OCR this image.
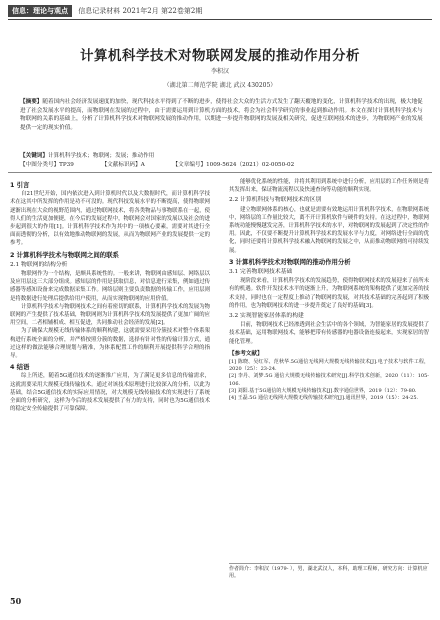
信息：理论与观点 信息记录材料 2021年2月 第22卷第2期
计算机科学技术对物联网发展的推动作用分析
李积汉
（湖北第二师范学院 湖北 武汉 430205）
【摘要】随着国内社会经济发展速度的加快，现代科技水平得到了不断的进步，使得社会大众的生活方式发生了翻天覆地的变化，计算机科学技术的出现，极大地促进了社会发展水平的提高，而物联网在发展的过程中，由于需要运用到计算机方面的技术，将会为社会科学研究的事业起到推动作用。本文在探讨计算机科学技术与物联网的关系的基础上，分析了计算机科学技术对物联网发展的推动作用，以期进一步提升物联网的发展及相关研究，促进互联网技术的进步，为物联网产业的发展提供一定的现实价值。
【关键词】计算机科学技术；物联网；发展；推动作用
【中图分类号】TP39	【文献标识码】A	【文章编号】1009-5624（2021）02-0050-02
1 引言

自21世纪开始，国内依次进入到计算机时代以及大数据时代，而计算机科学技术在这其中所发挥的作用是功不可没的。现代科技发展水平的不断提高，使得物联网逐渐出现在大众的视野范围内，通过物联网技术，将各类物品与事物联系在一起，使得人们的生活更加便捷，在今后的发展过程中，物联网会对国家的发展以及社会的进步起到很大的作用[1]。计算机科学技术作为其中的一项核心要素，需要对其进行全面而透彻的分析，以有效地推动物联网的发展，从而为物联网产业的发展提供一定的参考。

2 计算机科学技术与物联网之间的联系
2.1 物联网的结构分析

物联网作为一个结构，是颇具系统性的。一般来讲，物联网由感知层、网络层以及应用层这三大部分组成。感知层的作用是获取信息，对信息进行采集，例如通过传感器等感知设备来完成数据采集工作。网络层则主要负责数据的传输工作，应用层则是将数据进行处理后提供给用户使用，从而实现物联网的应用价值。

计算机科学技术与物联网技术之间有着密切的联系，计算机科学技术的发展为物联网的产生提供了技术基础，物联网则为计算机科学技术的发展提供了更加广阔的应用空间，二者相辅相成、相互促进，共同推动社会经济的发展[2]。

为了确保大规模无线传输体系的顺利构建，这就需要采用分簇技术对整个体系架构进行系统全面的分析，并严格按照分簇的数据，选择有针对性的传输计算方式，通过这样的做法能够合理规划与精准，为体系配置工作的顺利开展提供科学合理的指导。

4 结语

综上所述，随着5G通信技术的逐渐推广应用，为了满足更多信息的传输需求，这就需要采用大规模无线传输技术。通过对该技术原理进行比较深入的分析，以此为基础，结合5G通信技术的实际应用情况，对大规模无线传输技术的实现进行了系统全面的分析研究，这样为今后的技术发展提供了有力的支持，同时也为5G通信技术的稳定安全传输提供了可靠保障。

能够优化系统的性能，并将其利用到系统中进行分析，应用层的工作任务则是将其发挥出来，保证物流流程以及快速查询等功能的顺利实现。

2.2 计算机科技与物联网技术的区别

建立物联网体系的核心，也就是需要有效地运用计算机科学技术，在物联网系统中，网络层的工作量比较大，离不开计算机软件与硬件的支持。在这过程中，物联网系统功能慢慢越发完善，计算机科学技术的水平，对物联网的发展起到了决定性的作用。因此，不仅要不断提升计算机科学技术的发展水平与力度，对网络进行全面的优化，同时还要将计算机科学技术融入物联网的发展之中，从而推动物联网的可持续发展。

3 计算机科学技术对物联网的推动作用分析
3.1 完善物联网技术基础

现阶段来看，计算机科学技术的发展趋势，使得物联网技术的发展迎来了前所未有的机遇。软件开发技术水平的逐渐上升，为物联网系统的架构提供了更加完善的技术支持，同时也在一定程度上推动了物联网的发展，对其技术基础的完善起到了积极的作用，也为物联网技术的进一步提升奠定了良好的基础[3]。

3.2 实现智能家居体系的构建

目前，物联网技术已经渗透到社会生活中的各个领域，为智能家居的发展提供了技术基础，运用物联网技术，能够把带有传感器的电器设备连接起来，实现家居的智能化管理。

【参考文献】

[1] 陈晓、吴红军、范秋华.5G通信无线网大规模无线传输技术[J].电子技术与软件工程，2020（25）：23-24.

[2] 李丹、刘梦.5G 通信大规模无线传输技术研究[J].科学技术创新，2020（11）：105-106.

[3] 刘阳.基于5G通信的大规模无线传输技术[J].数字通信世界，2019（12）：79-80.

[4] 王磊.5G 通信无线网大规模无线传输技术研究[J].通讯世界，2019（15）：24-25.

作者简介：李积汉（1979- ），男，湖北武汉人，本科，助理工程师，研究方向：计算机应用。
50
